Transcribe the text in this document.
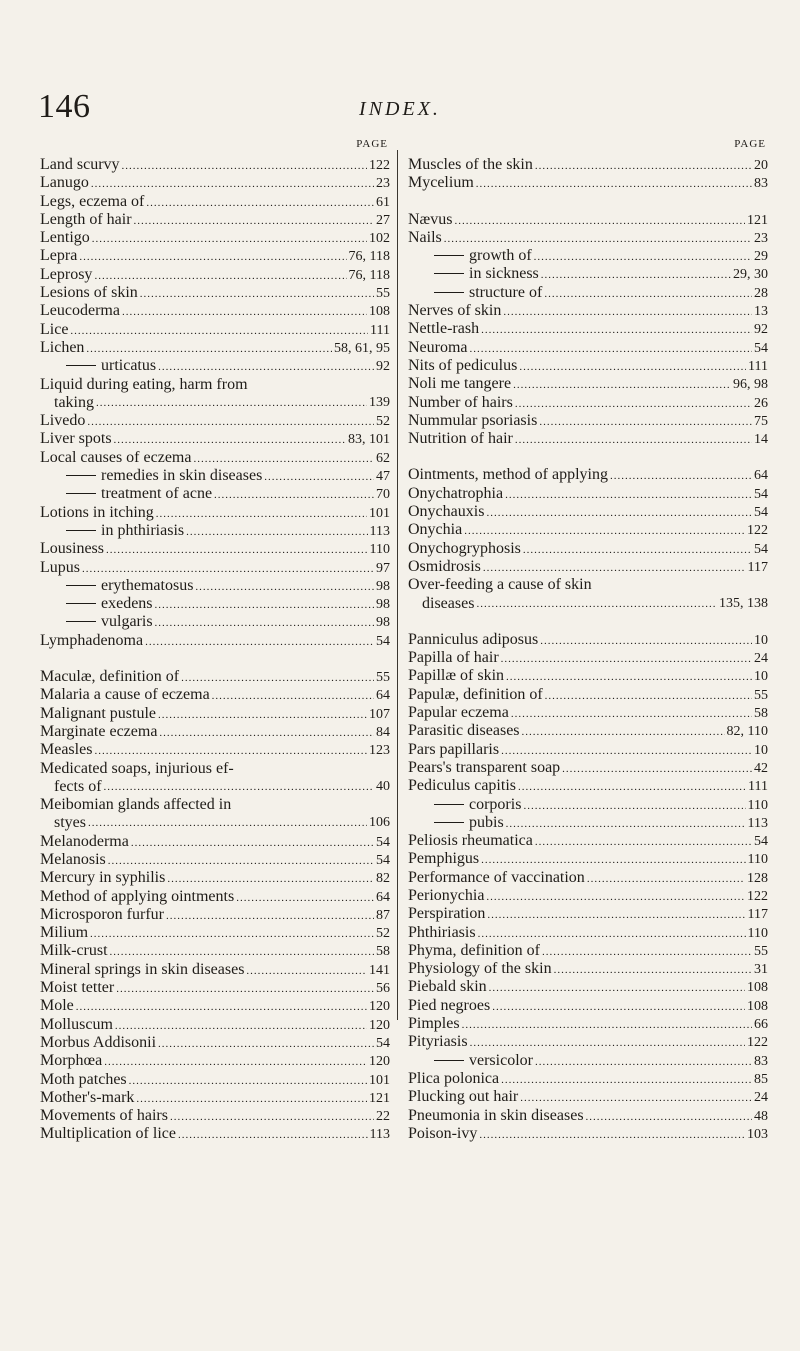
146	INDEX.
PAGE
Land scurvy .....	122
Lanugo .....	23
Legs, eczema of .....	61
Length of hair .....	27
Lentigo .....	102
Lepra .....	76, 118
Leprosy .....	76, 118
Lesions of skin .....	55
Leucoderma .....	108
Lice .....	111
Lichen .....	58, 61, 95
urticatus .....	92
Liquid during eating, harm from
taking .....	139
Livedo .....	52
Liver spots .....	83, 101
Local causes of eczema .....	62
remedies in skin diseases .....	47
treatment of acne .....	70
Lotions in itching .....	101
in phthiriasis .....	113
Lousiness .....	110
Lupus .....	97
erythematosus .....	98
exedens .....	98
vulgaris .....	98
Lymphadenoma .....	54
Maculæ, definition of .....	55
Malaria a cause of eczema .....	64
Malignant pustule .....	107
Marginate eczema .....	84
Measles .....	123
Medicated soaps, injurious ef-
fects of .....	40
Meibomian glands affected in
styes .....	106
Melanoderma .....	54
Melanosis .....	54
Mercury in syphilis .....	82
Method of applying ointments .....	64
Microsporon furfur .....	87
Milium .....	52
Milk-crust .....	58
Mineral springs in skin diseases .....	141
Moist tetter .....	56
Mole .....	120
Molluscum .....	120
Morbus Addisonii .....	54
Morphœa .....	120
Moth patches .....	101
Mother's-mark .....	121
Movements of hairs .....	22
Multiplication of lice .....	113
PAGE
Muscles of the skin .....	20
Mycelium .....	83
Nævus .....	121
Nails .....	23
growth of .....	29
in sickness .....	29, 30
structure of .....	28
Nerves of skin .....	13
Nettle-rash .....	92
Neuroma .....	54
Nits of pediculus .....	111
Noli me tangere .....	96, 98
Number of hairs .....	26
Nummular psoriasis .....	75
Nutrition of hair .....	14
Ointments, method of applying .....	64
Onychatrophia .....	54
Onychauxis .....	54
Onychia .....	122
Onychogryphosis .....	54
Osmidrosis .....	117
Over-feeding a cause of skin
diseases .....	135, 138
Panniculus adiposus .....	10
Papilla of hair .....	24
Papillæ of skin .....	10
Papulæ, definition of .....	55
Papular eczema .....	58
Parasitic diseases .....	82, 110
Pars papillaris .....	10
Pears's transparent soap .....	42
Pediculus capitis .....	111
corporis .....	110
pubis .....	113
Peliosis rheumatica .....	54
Pemphigus .....	110
Performance of vaccination .....	128
Perionychia .....	122
Perspiration .....	117
Phthiriasis .....	110
Phyma, definition of .....	55
Physiology of the skin .....	31
Piebald skin .....	108
Pied negroes .....	108
Pimples .....	66
Pityriasis .....	122
versicolor .....	83
Plica polonica .....	85
Plucking out hair .....	24
Pneumonia in skin diseases .....	48
Poison-ivy .....	103
